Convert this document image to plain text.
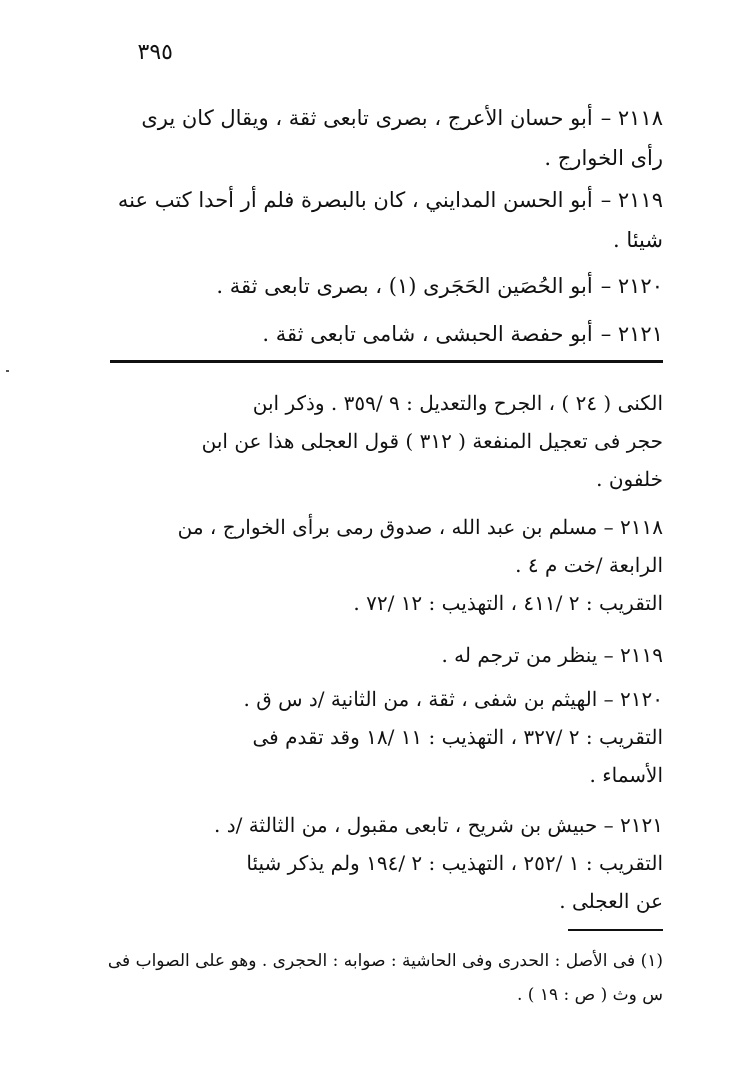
٣٩٥
٢١١٨ –أبو حسان الأعرج ، بصرى تابعى ثقة ، ويقال كان يرى
رأى الخوارج .
٢١١٩ –أبو الحسن المدايني ، كان بالبصرة فلم أر أحدا كتب عنه
شيئا .
٢١٢٠ –أبو الحُصَين الحَجَرى (١) ، بصرى تابعى ثقة .
٢١٢١ –أبو حفصة الحبشى ، شامى تابعى ثقة .
الكنى ( ٢٤ ) ، الجرح والتعديل : ٩ /٣٥٩ . وذكر ابن
حجر فى تعجيل المنفعة ( ٣١٢ ) قول العجلى هذا عن ابن
خلفون .
٢١١٨ – مسلم بن عبد الله ، صدوق رمى برأى الخوارج ، من
الرابعة /خت م ٤ .
التقريب : ٢ /٤١١ ، التهذيب : ١٢ /٧٢ .
٢١١٩ – ينظر من ترجم له .
٢١٢٠ – الهيثم بن شفى ، ثقة ، من الثانية /د س ق .
التقريب : ٢ /٣٢٧ ، التهذيب : ١١ /١٨ وقد تقدم فى
الأسماء .
٢١٢١ – حبيش بن شريح ، تابعى مقبول ، من الثالثة /د .
التقريب : ١ /٢٥٢ ، التهذيب : ٢ /١٩٤ ولم يذكر شيئا
عن العجلى .
(١) فى الأصل : الحدرى وفى الحاشية : صوابه : الحجرى . وهو على الصواب فى
س وث ( ص : ١٩ ) .
